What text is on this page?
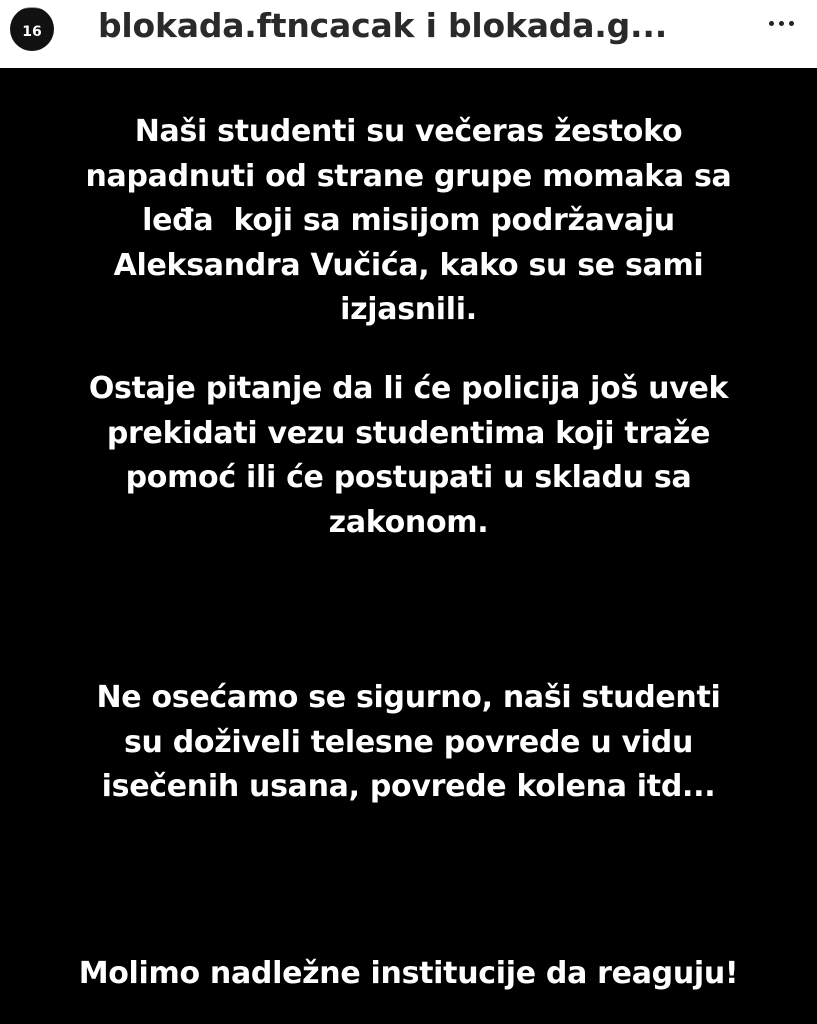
16 blokada.ftncacak i blokada.g...
Naši studenti su večeras žestoko
napadnuti od strane grupe momaka sa
leđa  koji sa misijom podržavaju
Aleksandra Vučića, kako su se sami
izjasnili.
Ostaje pitanje da li će policija još uvek
prekidati vezu studentima koji traže
pomoć ili će postupati u skladu sa
zakonom.
Ne osećamo se sigurno, naši studenti
su doživeli telesne povrede u vidu
isečenih usana, povrede kolena itd...
Molimo nadležne institucije da reaguju!
